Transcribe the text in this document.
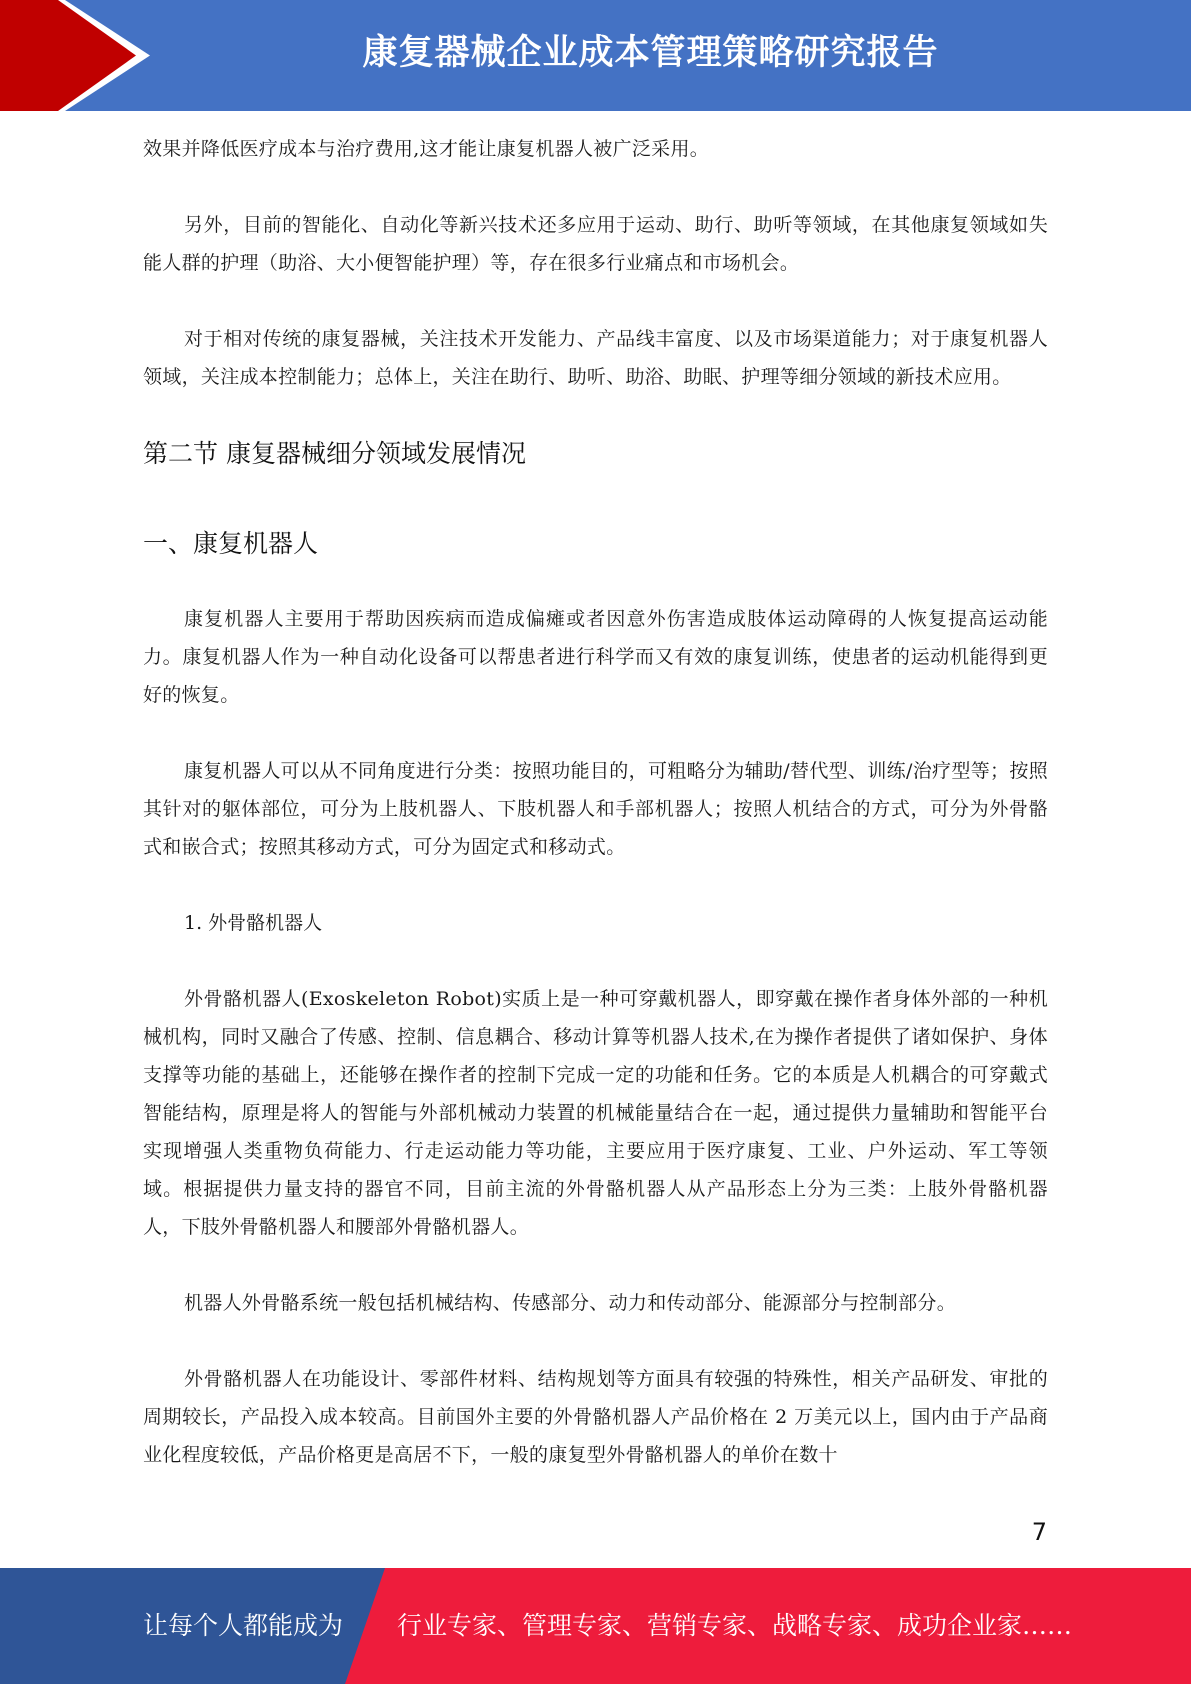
康复器械企业成本管理策略研究报告

效果并降低医疗成本与治疗费用,这才能让康复机器人被广泛采用。

另外，目前的智能化、自动化等新兴技术还多应用于运动、助行、助听等领域，在其他康复领域如失能人群的护理（助浴、大小便智能护理）等，存在很多行业痛点和市场机会。

对于相对传统的康复器械，关注技术开发能力、产品线丰富度、以及市场渠道能力；对于康复机器人领域，关注成本控制能力；总体上，关注在助行、助听、助浴、助眠、护理等细分领域的新技术应用。

第二节 康复器械细分领域发展情况
一、康复机器人

康复机器人主要用于帮助因疾病而造成偏瘫或者因意外伤害造成肢体运动障碍的人恢复提高运动能力。康复机器人作为一种自动化设备可以帮患者进行科学而又有效的康复训练，使患者的运动机能得到更好的恢复。

康复机器人可以从不同角度进行分类：按照功能目的，可粗略分为辅助/替代型、训练/治疗型等；按照其针对的躯体部位，可分为上肢机器人、下肢机器人和手部机器人；按照人机结合的方式，可分为外骨骼式和嵌合式；按照其移动方式，可分为固定式和移动式。

1. 外骨骼机器人

外骨骼机器人(Exoskeleton Robot)实质上是一种可穿戴机器人，即穿戴在操作者身体外部的一种机械机构，同时又融合了传感、控制、信息耦合、移动计算等机器人技术,在为操作者提供了诸如保护、身体支撑等功能的基础上，还能够在操作者的控制下完成一定的功能和任务。它的本质是人机耦合的可穿戴式智能结构，原理是将人的智能与外部机械动力装置的机械能量结合在一起，通过提供力量辅助和智能平台实现增强人类重物负荷能力、行走运动能力等功能，主要应用于医疗康复、工业、户外运动、军工等领域。根据提供力量支持的器官不同，目前主流的外骨骼机器人从产品形态上分为三类：上肢外骨骼机器人，下肢外骨骼机器人和腰部外骨骼机器人。

机器人外骨骼系统一般包括机械结构、传感部分、动力和传动部分、能源部分与控制部分。

外骨骼机器人在功能设计、零部件材料、结构规划等方面具有较强的特殊性，相关产品研发、审批的周期较长，产品投入成本较高。目前国外主要的外骨骼机器人产品价格在 2 万美元以上，国内由于产品商业化程度较低，产品价格更是高居不下，一般的康复型外骨骼机器人的单价在数十

7
让每个人都能成为 行业专家、管理专家、营销专家、战略专家、成功企业家……
